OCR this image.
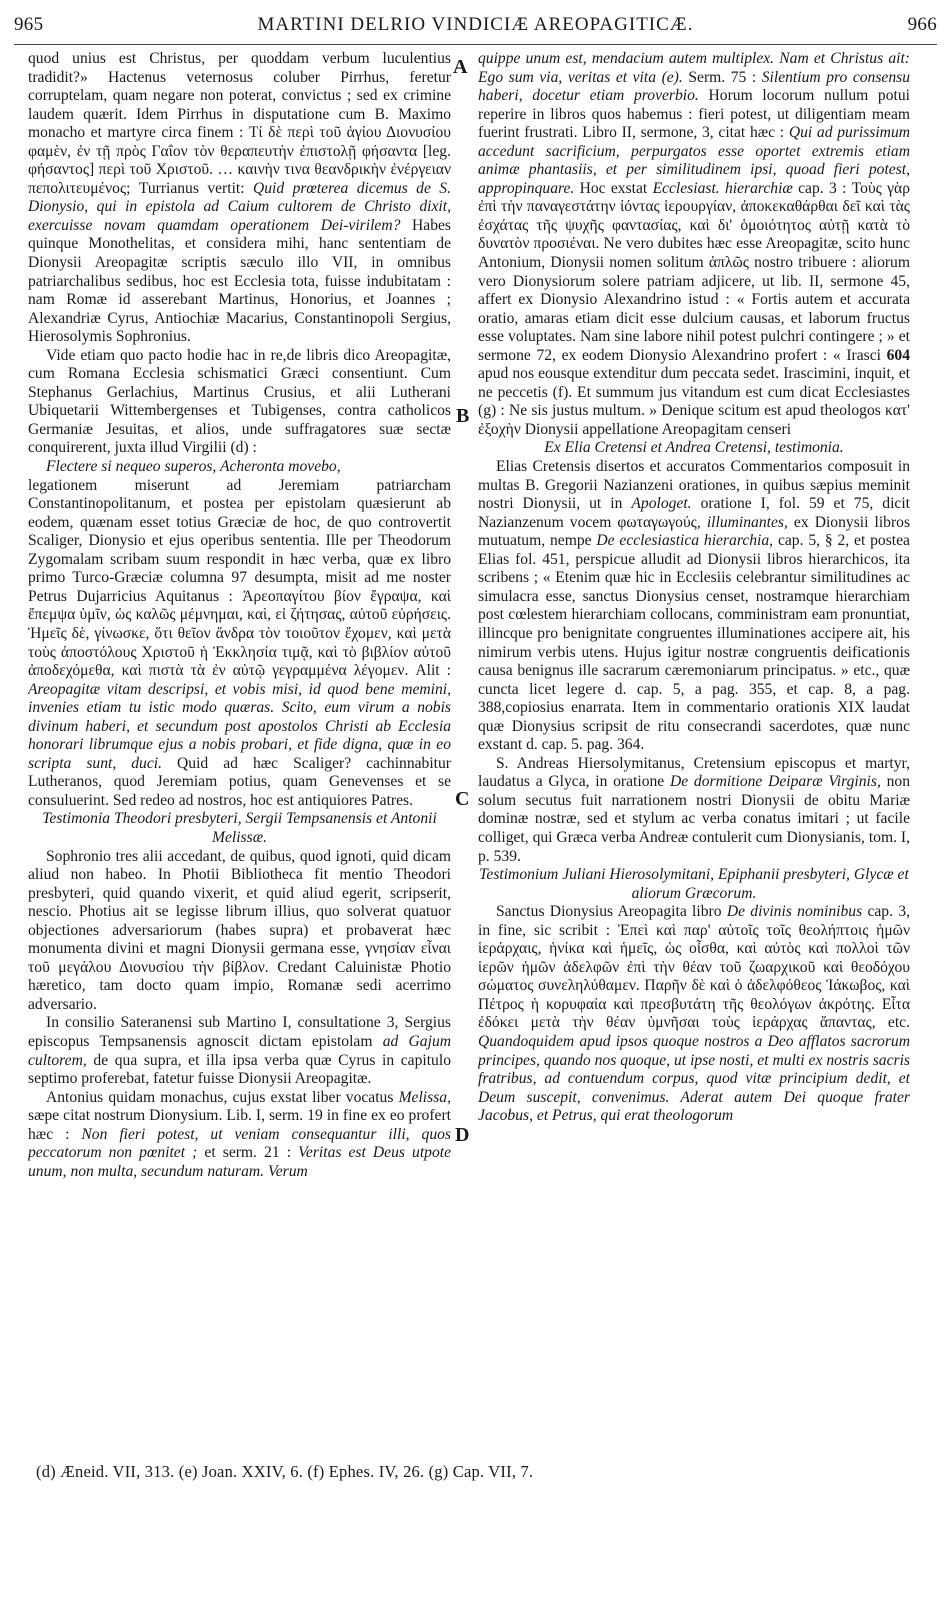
965	MARTINI DELRIO VINDICIÆ AREOPAGITICÆ.	966

quod unius est Christus, per quoddam verbum luculentius tradidit?» Hactenus veternosus coluber Pirrhus, feretur corruptelam, quam negare non poterat, convictus ; sed ex crimine laudem quærit. Idem Pirrhus in disputatione cum B. Maximo monacho et martyre circa finem : Τί δὲ περὶ τοῦ ἁγίου Διονυσίου φαμὲν, ἐν τῇ πρὸς Γαΐον τὸν θεραπευτὴν ἐπιστολῇ φήσαντα [leg. φήσαντος] περὶ τοῦ Χριστοῦ. … καινὴν τινα θεανδρικὴν ἐνέργειαν πεπολιτευμένος; Turrianus vertit: Quid prœterea dicemus de S. Dionysio, qui in epistola ad Caium cultorem de Christo dixit, exercuisse novam quamdam operationem Dei-virilem? Habes quinque Monothelitas, et considera mihi, hanc sententiam de Dionysii Areopagitæ scriptis sæculo illo VII, in omnibus patriarchalibus sedibus, hoc est Ecclesia tota, fuisse indubitatam : nam Romæ id asserebant Martinus, Honorius, et Joannes ; Alexandriæ Cyrus, Antiochiæ Macarius, Constantinopoli Sergius, Hierosolymis Sophronius.

Vide etiam quo pacto hodie hac in re,de libris dico Areopagitæ, cum Romana Ecclesia schismatici Græci consentiunt. Cum Stephanus Gerlachius, Martinus Crusius, et alii Lutherani Ubiquetarii Wittembergenses et Tubigenses, contra catholicos Germaniæ Jesuitas, et alios, unde suffragatores suæ sectæ conquirerent, juxta illud Virgilii (d) :

Flectere si nequeo superos, Acheronta movebo,

legationem miserunt ad Jeremiam patriarcham Constantinopolitanum, et postea per epistolam quæsierunt ab eodem, quænam esset totius Græciæ de hoc, de quo controvertit Scaliger, Dionysio et ejus operibus sententia. Ille per Theodorum Zygomalam scribam suum respondit in hæc verba, quæ ex libro primo Turco-Græciæ columna 97 desumpta, misit ad me noster Petrus Dujarricius Aquitanus : Ἀρεοπαγίτου βίον ἔγραψα, καὶ ἔπεμψα ὑμῖν, ὡς καλῶς μέμνημαι, καὶ, εἰ ζήτησας, αὐτοῦ εὑρήσεις. Ἡμεῖς δὲ, γίνωσκε, ὅτι θεῖον ἄνδρα τὸν τοιοῦτον ἔχομεν, καὶ μετὰ τοὺς ἀποστόλους Χριστοῦ ἡ Ἐκκλησία τιμᾷ, καὶ τὸ βιβλίον αὐτοῦ ἀποδεχόμεθα, καὶ πιστὰ τὰ ἐν αὐτῷ γεγραμμένα λέγομεν. Alit : Areopagitæ vitam descripsi, et vobis misi, id quod bene memini, invenies etiam tu istic modo quæras. Scito, eum virum a nobis divinum haberi, et secundum post apostolos Christi ab Ecclesia honorari librumque ejus a nobis probari, et fide digna, quæ in eo scripta sunt, duci. Quid ad hæc Scaliger? cachinnabitur Lutheranos, quod Jeremiam potius, quam Genevenses et se consuluerint. Sed redeo ad nostros, hoc est antiquiores Patres.

Testimonia Theodori presbyteri, Sergii Tempsanensis et Antonii Melissæ.

Sophronio tres alii accedant, de quibus, quod ignoti, quid dicam aliud non habeo. In Photii Bibliotheca fit mentio Theodori presbyteri, quid quando vixerit, et quid aliud egerit, scripserit, nescio. Photius ait se legisse librum illius, quo solverat quatuor objectiones adversariorum (habes supra) et probaverat hæc monumenta divini et magni Dionysii germana esse, γνησίαν εἶναι τοῦ μεγάλου Διονυσίου τὴν βίβλον. Credant Caluinistæ Photio hæretico, tam docto quam impio, Romanæ sedi acerrimo adversario.

In consilio Sateranensi sub Martino I, consultatione 3, Sergius episcopus Tempsanensis agnoscit dictam epistolam ad Gajum cultorem, de qua supra, et illa ipsa verba quæ Cyrus in capitulo septimo proferebat, fatetur fuisse Dionysii Areopagitæ.

Antonius quidam monachus, cujus exstat liber vocatus Melissa, sæpe citat nostrum Dionysium. Lib. I, serm. 19 in fine ex eo profert hæc : Non fieri potest, ut veniam consequantur illi, quos peccatorum non pœnitet ; et serm. 21 : Veritas est Deus utpote unum, non multa, secundum naturam. Verum

A
B
C
D

quippe unum est, mendacium autem multiplex. Nam et Christus ait: Ego sum via, veritas et vita (e). Serm. 75 : Silentium pro consensu haberi, docetur etiam proverbio. Horum locorum nullum potui reperire in libros quos habemus : fieri potest, ut diligentiam meam fuerint frustrati. Libro II, sermone, 3, citat hæc : Qui ad purissimum accedunt sacrificium, perpurgatos esse oportet extremis etiam animæ phantasiis, et per similitudinem ipsi, quoad fieri potest, appropinquare. Hoc exstat Ecclesiast. hierarchiæ cap. 3 : Τοὺς γὰρ ἐπὶ τὴν παναγεστάτην ἰόντας ἱερουργίαν, ἀποκεκαθάρθαι δεῖ καὶ τὰς ἐσχάτας τῆς ψυχῆς φαντασίας, καὶ δι' ὁμοιότητος αὐτῇ κατὰ τὸ δυνατὸν προσιέναι. Ne vero dubites hæc esse Areopagitæ, scito hunc Antonium, Dionysii nomen solitum ἁπλῶς nostro tribuere : aliorum vero Dionysiorum solere patriam adjicere, ut lib. II, sermone 45, affert ex Dionysio Alexandrino istud : « Fortis autem et accurata oratio, amaras etiam dicit esse dulcium causas, et laborum fructus esse voluptates. Nam sine labore nihil potest pulchri contingere ; » et sermone 72, ex eodem Dionysio Alexandrino profert : « Irasci 604 apud nos eousque extenditur dum peccata sedet. Irascimini, inquit, et ne peccetis (f). Et summum jus vitandum est cum dicat Ecclesiastes (g) : Ne sis justus multum. » Denique scitum est apud theologos κατ' ἐξοχὴν Dionysii appellatione Areopagitam censeri

Ex Elia Cretensi et Andrea Cretensi, testimonia.

Elias Cretensis disertos et accuratos Commentarios composuit in multas B. Gregorii Nazianzeni orationes, in quibus sæpius meminit nostri Dionysii, ut in Apologet. oratione I, fol. 59 et 75, dicit Nazianzenum vocem φωταγωγούς, illuminantes, ex Dionysii libros mutuatum, nempe De ecclesiastica hierarchia, cap. 5, § 2, et postea Elias fol. 451, perspicue alludit ad Dionysii libros hierarchicos, ita scribens ; « Etenim quæ hic in Ecclesiis celebrantur similitudines ac simulacra esse, sanctus Dionysius censet, nostramque hierarchiam post cœlestem hierarchiam collocans, comministram eam pronuntiat, illincque pro benignitate congruentes illuminationes accipere ait, his nimirum verbis utens. Hujus igitur nostræ congruentis deificationis causa benignus ille sacrarum cæremoniarum principatus. » etc., quæ cuncta licet legere d. cap. 5, a pag. 355, et cap. 8, a pag. 388,copiosius enarrata. Item in commentario orationis XIX laudat quæ Dionysius scripsit de ritu consecrandi sacerdotes, quæ nunc exstant d. cap. 5. pag. 364.

S. Andreas Hiersolymitanus, Cretensium episcopus et martyr, laudatus a Glyca, in oratione De dormitione Deiparæ Virginis, non solum secutus fuit narrationem nostri Dionysii de obitu Mariæ dominæ nostræ, sed et stylum ac verba conatus imitari ; ut facile colliget, qui Græca verba Andreæ contulerit cum Dionysianis, tom. I, p. 539.

Testimonium Juliani Hierosolymitani, Epiphanii presbyteri, Glycæ et aliorum Græcorum.

Sanctus Dionysius Areopagita libro De divinis nominibus cap. 3, in fine, sic scribit : Ἐπεὶ καὶ παρ' αὐτοῖς τοῖς θεολήπτοις ἡμῶν ἱεράρχαις, ἡνίκα καὶ ἡμεῖς, ὡς οἶσθα, καὶ αὐτὸς καὶ πολλοὶ τῶν ἱερῶν ἡμῶν ἀδελφῶν ἐπὶ τὴν θέαν τοῦ ζωαρχικοῦ καὶ θεοδόχου σώματος συνεληλύθαμεν. Παρῆν δὲ καὶ ὁ ἀδελφόθεος Ἰάκωβος, καὶ Πέτρος ἡ κορυφαία καὶ πρεσβυτάτη τῆς θεολόγων ἀκρότης. Εἶτα ἐδόκει μετὰ τὴν θέαν ὑμνῆσαι τοὺς ἱεράρχας ἅπαντας, etc. Quandoquidem apud ipsos quoque nostros a Deo afflatos sacrorum principes, quando nos quoque, ut ipse nosti, et multi ex nostris sacris fratribus, ad contuendum corpus, quod vitæ principium dedit, et Deum suscepit, convenimus. Aderat autem Dei quoque frater Jacobus, et Petrus, qui erat theologorum

(d) Æneid. VII, 313. (e) Joan. XXIV, 6. (f) Ephes. IV, 26. (g) Cap. VII, 7.
